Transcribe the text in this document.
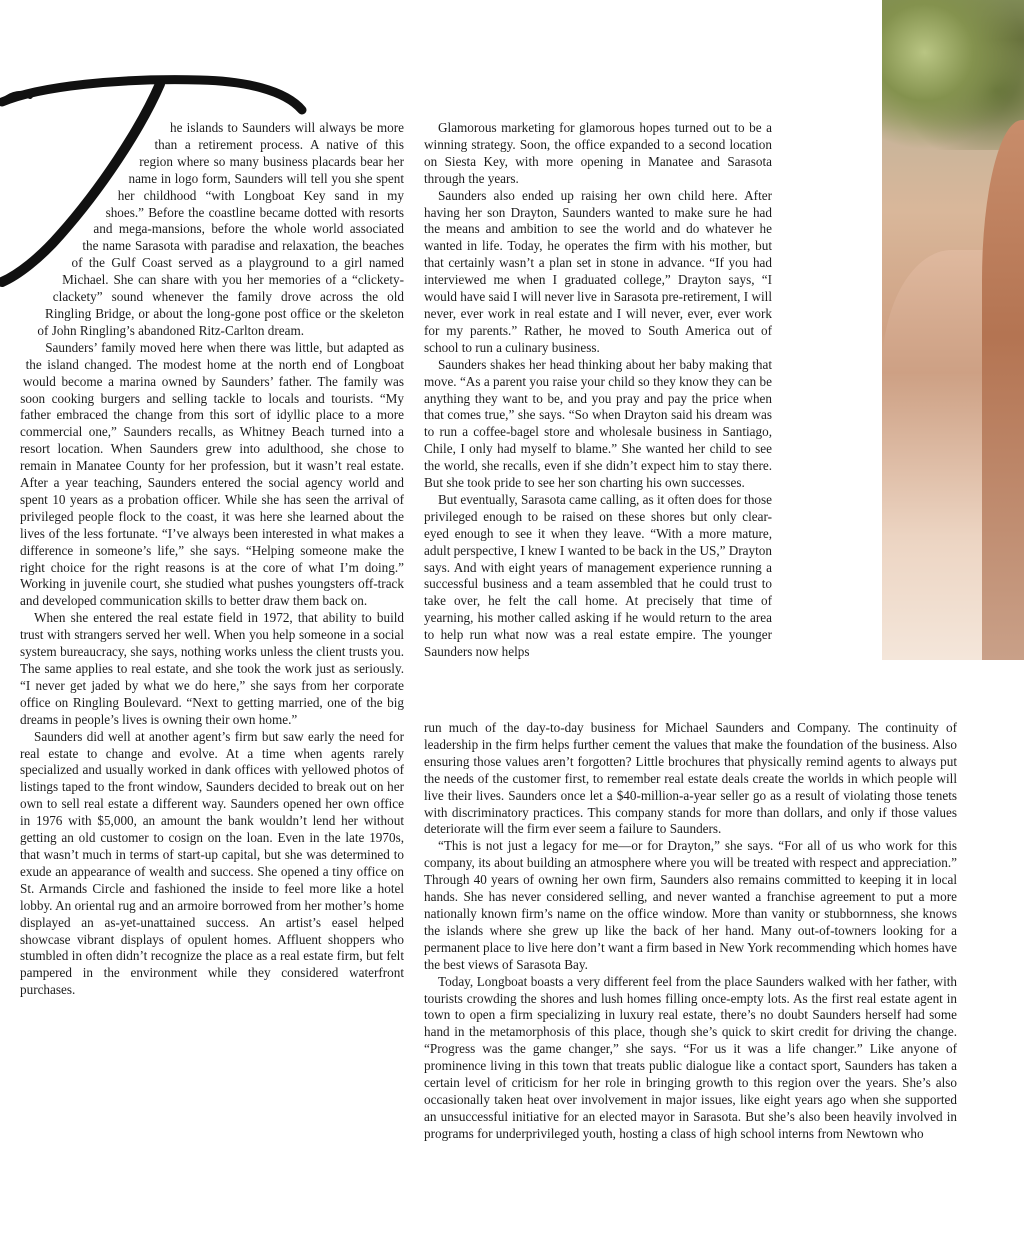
he islands to Saunders will always be more than a retirement process. A native of this region where so many business placards bear her name in logo form, Saunders will tell you she spent her childhood “with Longboat Key sand in my shoes.” Before the coastline became dotted with resorts and mega-mansions, before the whole world associated the name Sarasota with paradise and relaxation, the beaches of the Gulf Coast served as a playground to a girl named Michael. She can share with you her memories of a “clickety-clackety” sound whenever the family drove across the old Ringling Bridge, or about the long-gone post office or the skeleton of John Ringling’s abandoned Ritz-Carlton dream.

Saunders’ family moved here when there was little, but adapted as the island changed. The modest home at the north end of Longboat would become a marina owned by Saunders’ father. The family was soon cooking burgers and selling tackle to locals and tourists. “My father embraced the change from this sort of idyllic place to a more commercial one,” Saunders recalls, as Whitney Beach turned into a resort location. When Saunders grew into adulthood, she chose to remain in Manatee County for her profession, but it wasn’t real estate. After a year teaching, Saunders entered the social agency world and spent 10 years as a probation officer. While she has seen the arrival of privileged people flock to the coast, it was here she learned about the lives of the less fortunate. “I’ve always been interested in what makes a difference in someone’s life,” she says. “Helping someone make the right choice for the right reasons is at the core of what I’m doing.” Working in juvenile court, she studied what pushes youngsters off-track and developed communication skills to better draw them back on.

When she entered the real estate field in 1972, that ability to build trust with strangers served her well. When you help someone in a social system bureaucracy, she says, nothing works unless the client trusts you. The same applies to real estate, and she took the work just as seriously. “I never get jaded by what we do here,” she says from her corporate office on Ringling Boulevard. “Next to getting married, one of the big dreams in people’s lives is owning their own home.”

Saunders did well at another agent’s firm but saw early the need for real estate to change and evolve. At a time when agents rarely specialized and usually worked in dank offices with yellowed photos of listings taped to the front window, Saunders decided to break out on her own to sell real estate a different way. Saunders opened her own office in 1976 with $5,000, an amount the bank wouldn’t lend her without getting an old customer to cosign on the loan. Even in the late 1970s, that wasn’t much in terms of start-up capital, but she was determined to exude an appearance of wealth and success. She opened a tiny office on St. Armands Circle and fashioned the inside to feel more like a hotel lobby. An oriental rug and an armoire borrowed from her mother’s home displayed an as-yet-unattained success. An artist’s easel helped showcase vibrant displays of opulent homes. Affluent shoppers who stumbled in often didn’t recognize the place as a real estate firm, but felt pampered in the environment while they considered waterfront purchases.

Glamorous marketing for glamorous hopes turned out to be a winning strategy. Soon, the office expanded to a second location on Siesta Key, with more opening in Manatee and Sarasota through the years.

Saunders also ended up raising her own child here. After having her son Drayton, Saunders wanted to make sure he had the means and ambition to see the world and do whatever he wanted in life. Today, he operates the firm with his mother, but that certainly wasn’t a plan set in stone in advance. “If you had interviewed me when I graduated college,” Drayton says, “I would have said I will never live in Sarasota pre-retirement, I will never, ever work in real estate and I will never, ever, ever work for my parents.” Rather, he moved to South America out of school to run a culinary business.

Saunders shakes her head thinking about her baby making that move. “As a parent you raise your child so they know they can be anything they want to be, and you pray and pay the price when that comes true,” she says. “So when Drayton said his dream was to run a coffee-bagel store and wholesale business in Santiago, Chile, I only had myself to blame.” She wanted her child to see the world, she recalls, even if she didn’t expect him to stay there. But she took pride to see her son charting his own successes.

But eventually, Sarasota came calling, as it often does for those privileged enough to be raised on these shores but only clear-eyed enough to see it when they leave. “With a more mature, adult perspective, I knew I wanted to be back in the US,” Drayton says. And with eight years of management experience running a successful business and a team assembled that he could trust to take over, he felt the call home. At precisely that time of yearning, his mother called asking if he would return to the area to help run what now was a real estate empire. The younger Saunders now helps

run much of the day-to-day business for Michael Saunders and Company. The continuity of leadership in the firm helps further cement the values that make the foundation of the business. Also ensuring those values aren’t forgotten? Little brochures that physically remind agents to always put the needs of the customer first, to remember real estate deals create the worlds in which people will live their lives. Saunders once let a $40-million-a-year seller go as a result of violating those tenets with discriminatory practices. This company stands for more than dollars, and only if those values deteriorate will the firm ever seem a failure to Saunders.

“This is not just a legacy for me—or for Drayton,” she says. “For all of us who work for this company, its about building an atmosphere where you will be treated with respect and appreciation.” Through 40 years of owning her own firm, Saunders also remains committed to keeping it in local hands. She has never considered selling, and never wanted a franchise agreement to put a more nationally known firm’s name on the office window. More than vanity or stubbornness, she knows the islands where she grew up like the back of her hand. Many out-of-towners looking for a permanent place to live here don’t want a firm based in New York recommending which homes have the best views of Sarasota Bay.

Today, Longboat boasts a very different feel from the place Saunders walked with her father, with tourists crowding the shores and lush homes filling once-empty lots. As the first real estate agent in town to open a firm specializing in luxury real estate, there’s no doubt Saunders herself had some hand in the metamorphosis of this place, though she’s quick to skirt credit for driving the change. “Progress was the game changer,” she says. “For us it was a life changer.” Like anyone of prominence living in this town that treats public dialogue like a contact sport, Saunders has taken a certain level of criticism for her role in bringing growth to this region over the years. She’s also occasionally taken heat over involvement in major issues, like eight years ago when she supported an unsuccessful initiative for an elected mayor in Sarasota. But she’s also been heavily involved in programs for underprivileged youth, hosting a class of high school interns from Newtown who
